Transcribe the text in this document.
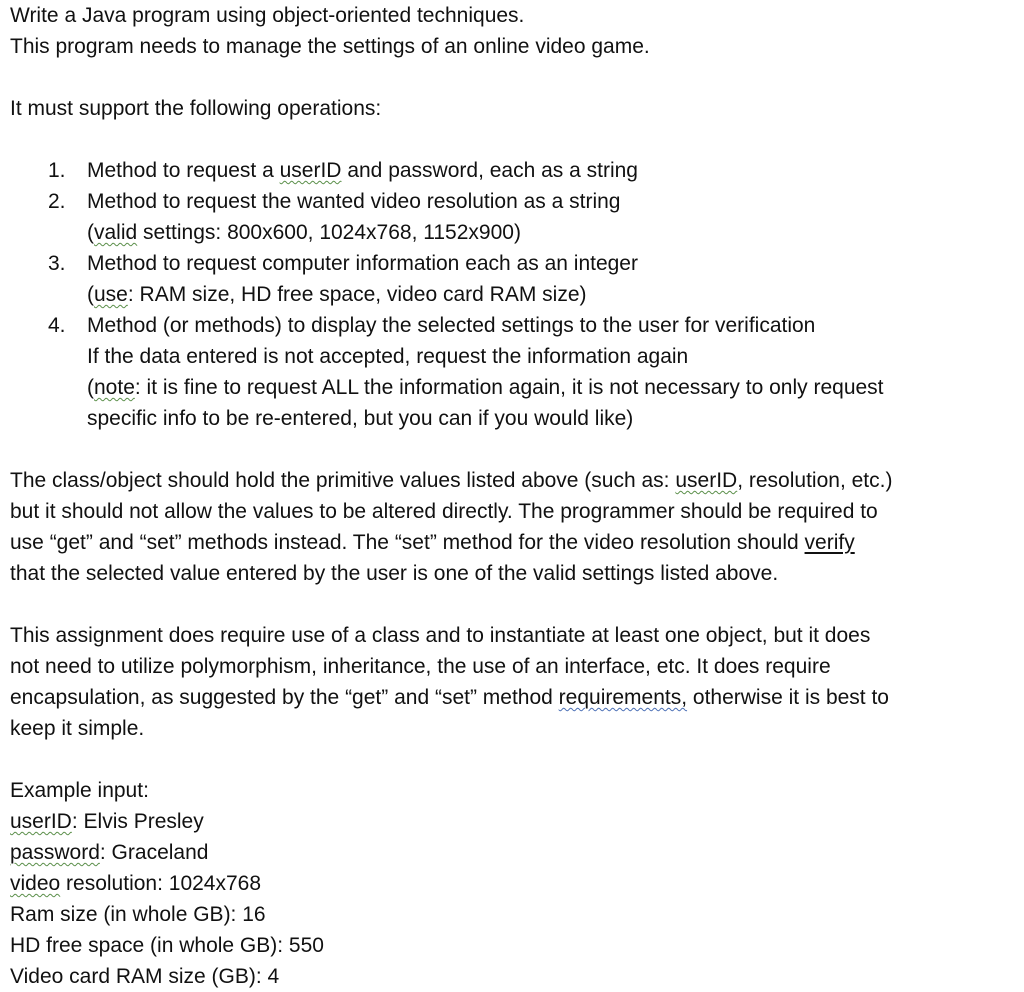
Write a Java program using object-oriented techniques.
This program needs to manage the settings of an online video game.
It must support the following operations:
1. Method to request a userID and password, each as a string
2. Method to request the wanted video resolution as a string
(valid settings: 800x600, 1024x768, 1152x900)
3. Method to request computer information each as an integer
(use: RAM size, HD free space, video card RAM size)
4. Method (or methods) to display the selected settings to the user for verification
If the data entered is not accepted, request the information again
(note: it is fine to request ALL the information again, it is not necessary to only request
specific info to be re-entered, but you can if you would like)
The class/object should hold the primitive values listed above (such as: userID, resolution, etc.)
but it should not allow the values to be altered directly. The programmer should be required to
use “get” and “set” methods instead. The “set” method for the video resolution should verify
that the selected value entered by the user is one of the valid settings listed above.
This assignment does require use of a class and to instantiate at least one object, but it does
not need to utilize polymorphism, inheritance, the use of an interface, etc. It does require
encapsulation, as suggested by the “get” and “set” method requirements, otherwise it is best to
keep it simple.
Example input:
userID: Elvis Presley
password: Graceland
video resolution: 1024x768
Ram size (in whole GB): 16
HD free space (in whole GB): 550
Video card RAM size (GB): 4
